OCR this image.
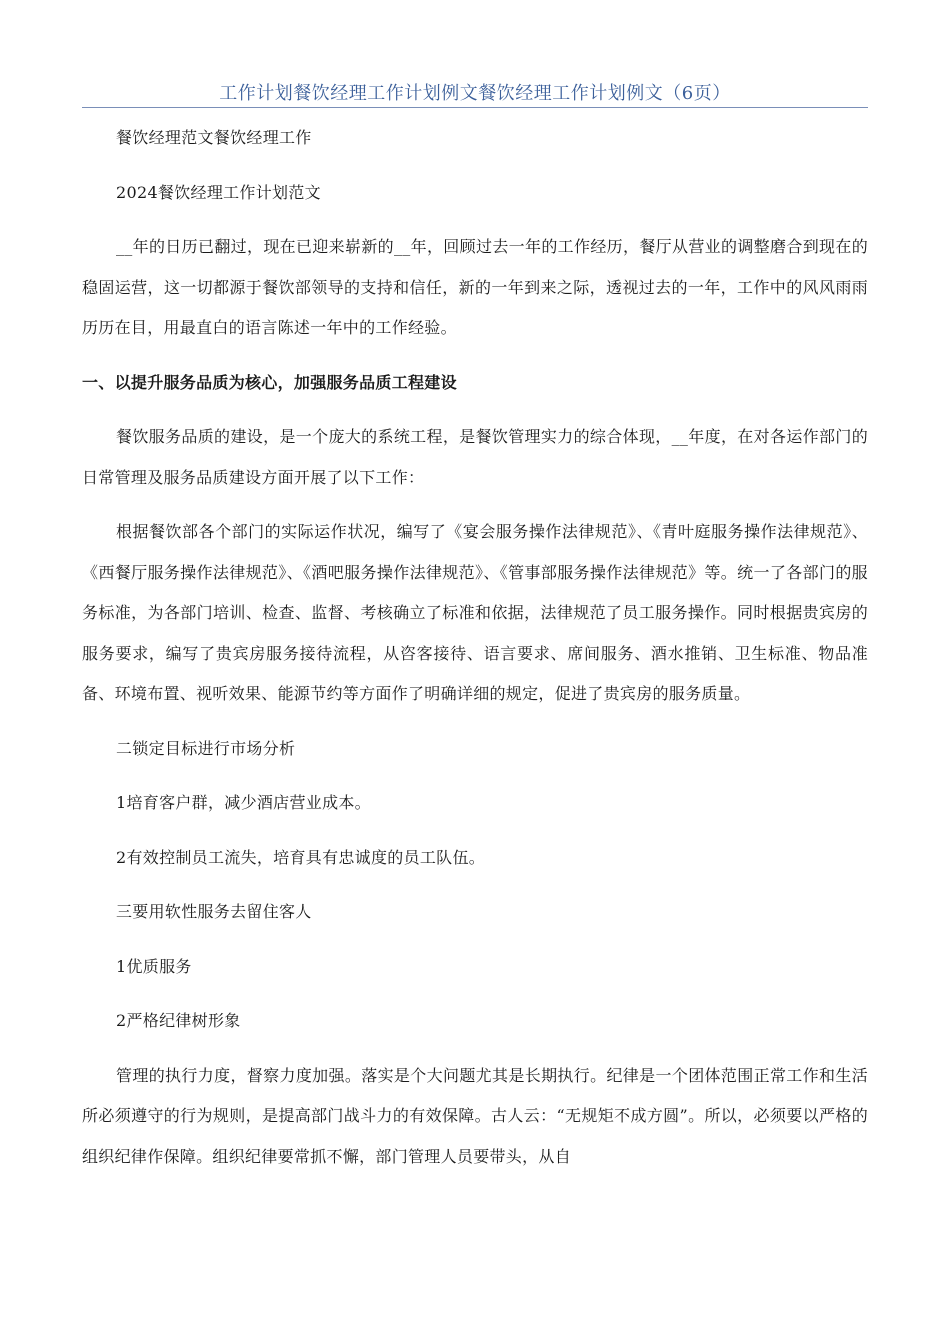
工作计划餐饮经理工作计划例文餐饮经理工作计划例文（6页）

餐饮经理范文餐饮经理工作

2024餐饮经理工作计划范文

__年的日历已翻过，现在已迎来崭新的__年，回顾过去一年的工作经历，餐厅从营业的调整磨合到现在的稳固运营，这一切都源于餐饮部领导的支持和信任，新的一年到来之际，透视过去的一年，工作中的风风雨雨历历在目，用最直白的语言陈述一年中的工作经验。

一、以提升服务品质为核心，加强服务品质工程建设

餐饮服务品质的建设，是一个庞大的系统工程，是餐饮管理实力的综合体现，__年度，在对各运作部门的日常管理及服务品质建设方面开展了以下工作：

根据餐饮部各个部门的实际运作状况，编写了《宴会服务操作法律规范》、《青叶庭服务操作法律规范》、《西餐厅服务操作法律规范》、《酒吧服务操作法律规范》、《管事部服务操作法律规范》等。统一了各部门的服务标准，为各部门培训、检查、监督、考核确立了标准和依据，法律规范了员工服务操作。同时根据贵宾房的服务要求，编写了贵宾房服务接待流程，从咨客接待、语言要求、席间服务、酒水推销、卫生标准、物品准备、环境布置、视听效果、能源节约等方面作了明确详细的规定，促进了贵宾房的服务质量。

二锁定目标进行市场分析

1培育客户群，减少酒店营业成本。

2有效控制员工流失，培育具有忠诚度的员工队伍。

三要用软性服务去留住客人

1优质服务

2严格纪律树形象

管理的执行力度，督察力度加强。落实是个大问题尤其是长期执行。纪律是一个团体范围正常工作和生活所必须遵守的行为规则，是提高部门战斗力的有效保障。古人云：“无规矩不成方圆”。所以，必须要以严格的组织纪律作保障。组织纪律要常抓不懈，部门管理人员要带头，从自
